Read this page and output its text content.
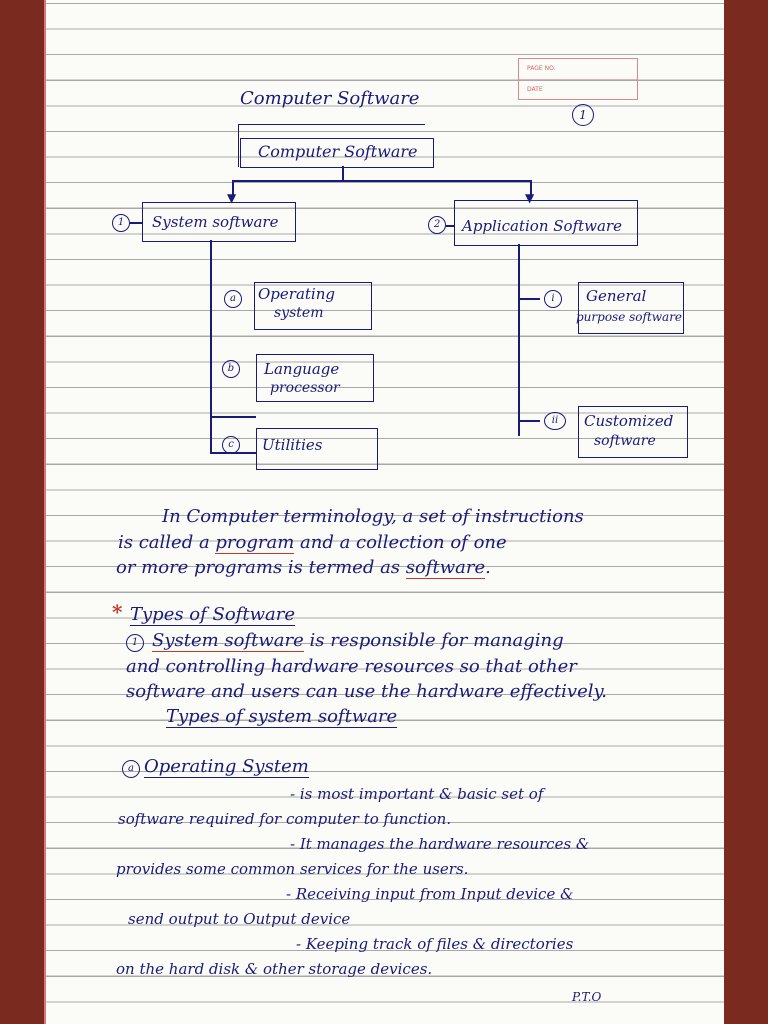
PAGE NO.
DATE
1
Computer Software
Computer Software
▼	▼
1	System software	2	Application Software
a	Operating
system
b	Language
processor
c	Utilities
i	General
purpose software
ii	Customized
software
In Computer terminology, a set of instructions
is called a program and a collection of one
or more programs is termed as software.
* Types of Software
1 System software is responsible for managing
and controlling hardware resources so that other
software and users can use the hardware effectively.
Types of system software
a Operating System
- is most important & basic set of
software required for computer to function.
- It manages the hardware resources &
provides some common services for the users.
- Receiving input from Input device &
send output to Output device
- Keeping track of files & directories
on the hard disk & other storage devices.
P.T.O
